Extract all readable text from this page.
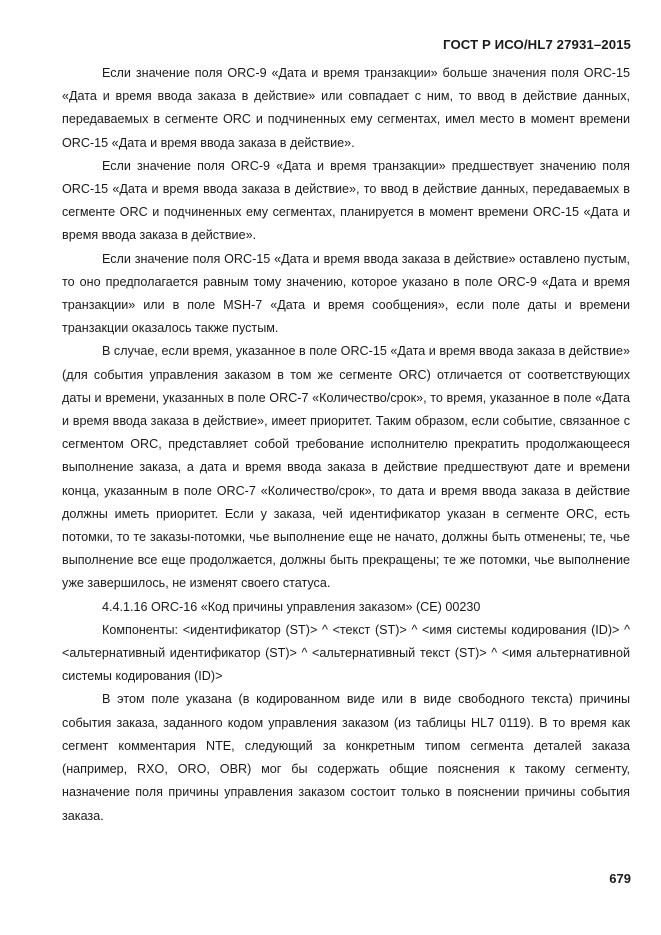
ГОСТ Р ИСО/HL7 27931–2015

Если значение поля ORC-9 «Дата и время транзакции» больше значения поля ORC-15 «Дата и время ввода заказа в действие» или совпадает с ним, то ввод в действие данных, передаваемых в сегменте ORC и подчиненных ему сегментах, имел место в момент времени ORC-15 «Дата и время ввода заказа в действие».

Если значение поля ORC-9 «Дата и время транзакции» предшествует значению поля ORC-15 «Дата и время ввода заказа в действие», то ввод в действие данных, передаваемых в сегменте ORC и подчиненных ему сегментах, планируется в момент времени ORC-15 «Дата и время ввода заказа в действие».

Если значение поля ORC-15 «Дата и время ввода заказа в действие» оставлено пустым, то оно предполагается равным тому значению, которое указано в поле ORC-9 «Дата и время транзакции» или в поле MSH-7 «Дата и время сообщения», если поле даты и времени транзакции оказалось также пустым.

В случае, если время, указанное в поле ORC-15 «Дата и время ввода заказа в действие» (для события управления заказом в том же сегменте ORC) отличается от соответствующих даты и времени, указанных в поле ORC-7 «Количество/срок», то время, указанное в поле «Дата и время ввода заказа в действие», имеет приоритет. Таким образом, если событие, связанное с сегментом ORC, представляет собой требование исполнителю прекратить продолжающееся выполнение заказа, а дата и время ввода заказа в действие предшествуют дате и времени конца, указанным в поле ORC-7 «Количество/срок», то дата и время ввода заказа в действие должны иметь приоритет. Если у заказа, чей идентификатор указан в сегменте ORC, есть потомки, то те заказы-потомки, чье выполнение еще не начато, должны быть отменены; те, чье выполнение все еще продолжается, должны быть прекращены; те же потомки, чье выполнение уже завершилось, не изменят своего статуса.

4.4.1.16 ORC-16 «Код причины управления заказом» (CE) 00230

Компоненты: <идентификатор (ST)> ^ <текст (ST)> ^ <имя системы кодирования (ID)> ^ <альтернативный идентификатор (ST)> ^ <альтернативный текст (ST)> ^ <имя альтернативной системы кодирования (ID)>

В этом поле указана (в кодированном виде или в виде свободного текста) причины события заказа, заданного кодом управления заказом (из таблицы HL7 0119). В то время как сегмент комментария NTE, следующий за конкретным типом сегмента деталей заказа (например, RXO, ORO, OBR) мог бы содержать общие пояснения к такому сегменту, назначение поля причины управления заказом состоит только в пояснении причины события заказа.

679
